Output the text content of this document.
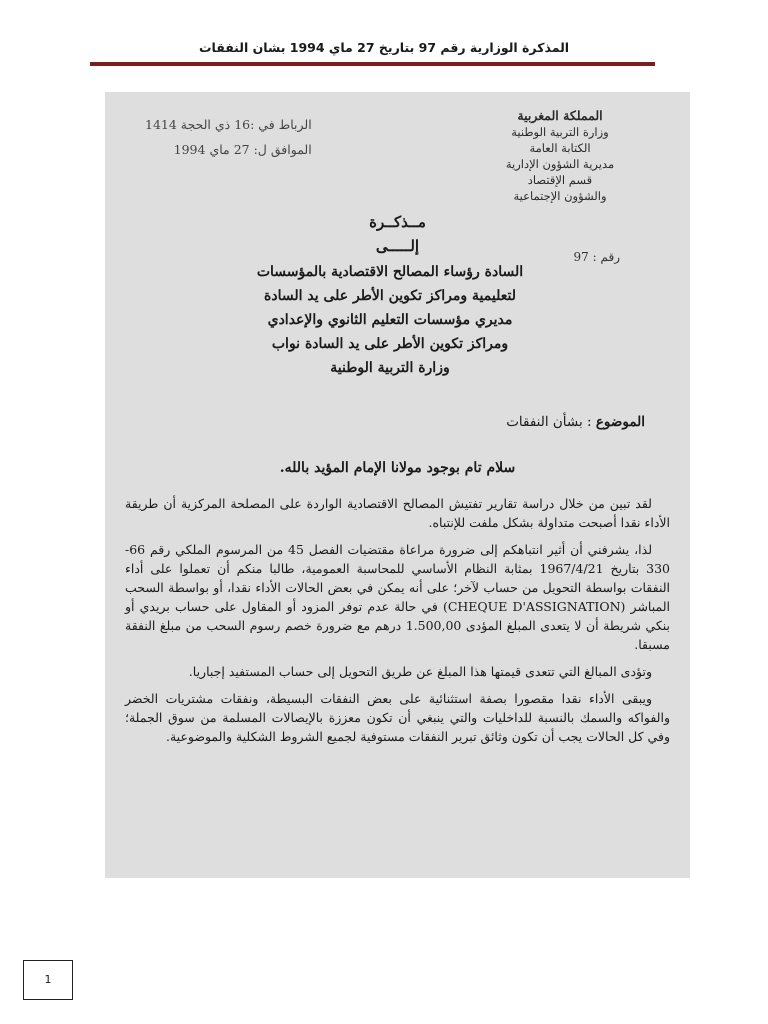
المذكرة الوزارية رقم 97 بتاريخ 27 ماي 1994 بشان النفقات
المملكة المغربية
وزارة التربية الوطنية
الكتابة العامة
مديرية الشؤون الإدارية
قسم الإقتصاد
والشؤون الإجتماعية
رقم : 97
الرباط في :16 ذي الحجة 1414
الموافق ل: 27 ماي 1994
مــذكــرة
إلـــــى
السادة رؤساء المصالح الاقتصادية بالمؤسسات
لتعليمية ومراكز تكوين الأطر على يد السادة
مديري مؤسسات التعليم الثانوي والإعدادي
ومراكز تكوين الأطر على يد السادة نواب
وزارة التربية الوطنية
الموضوع : بشأن النفقات
سلام تام بوجود مولانا الإمام المؤيد بالله.

لقد تبين من خلال دراسة تقارير تفتيش المصالح الاقتصادية الواردة على المصلحة المركزية أن طريقة الأداء نقدا أصبحت متداولة بشكل ملفت للإنتباه.

لذا، يشرفني أن أثير انتباهكم إلى ضرورة مراعاة مقتضيات الفصل 45 من المرسوم الملكي رقم 66-330 بتاريخ 1967/4/21 بمثابة النظام الأساسي للمحاسبة العمومية، طالبا منكم أن تعملوا على أداء النفقات بواسطة التحويل من حساب لآخر؛ على أنه يمكن في بعض الحالات الأداء نقدا، أو بواسطة السحب المباشر (CHEQUE D'ASSIGNATION) في حالة عدم توفر المزود أو المقاول على حساب بريدي أو بنكي شريطة أن لا يتعدى المبلغ المؤدى 1.500,00 درهم مع ضرورة خصم رسوم السحب من مبلغ النفقة مسبقا.

وتؤدى المبالغ التي تتعدى قيمتها هذا المبلغ عن طريق التحويل إلى حساب المستفيد إجباريا.

ويبقى الأداء نقدا مقصورا بصفة استثنائية على بعض النفقات البسيطة، ونفقات مشتريات الخضر والفواكه والسمك بالنسبة للداخليات والتي ينبغي أن تكون معززة بالإيصالات المسلمة من سوق الجملة؛ وفي كل الحالات يجب أن تكون وثائق تبرير النفقات مستوفية لجميع الشروط الشكلية والموضوعية.

1
